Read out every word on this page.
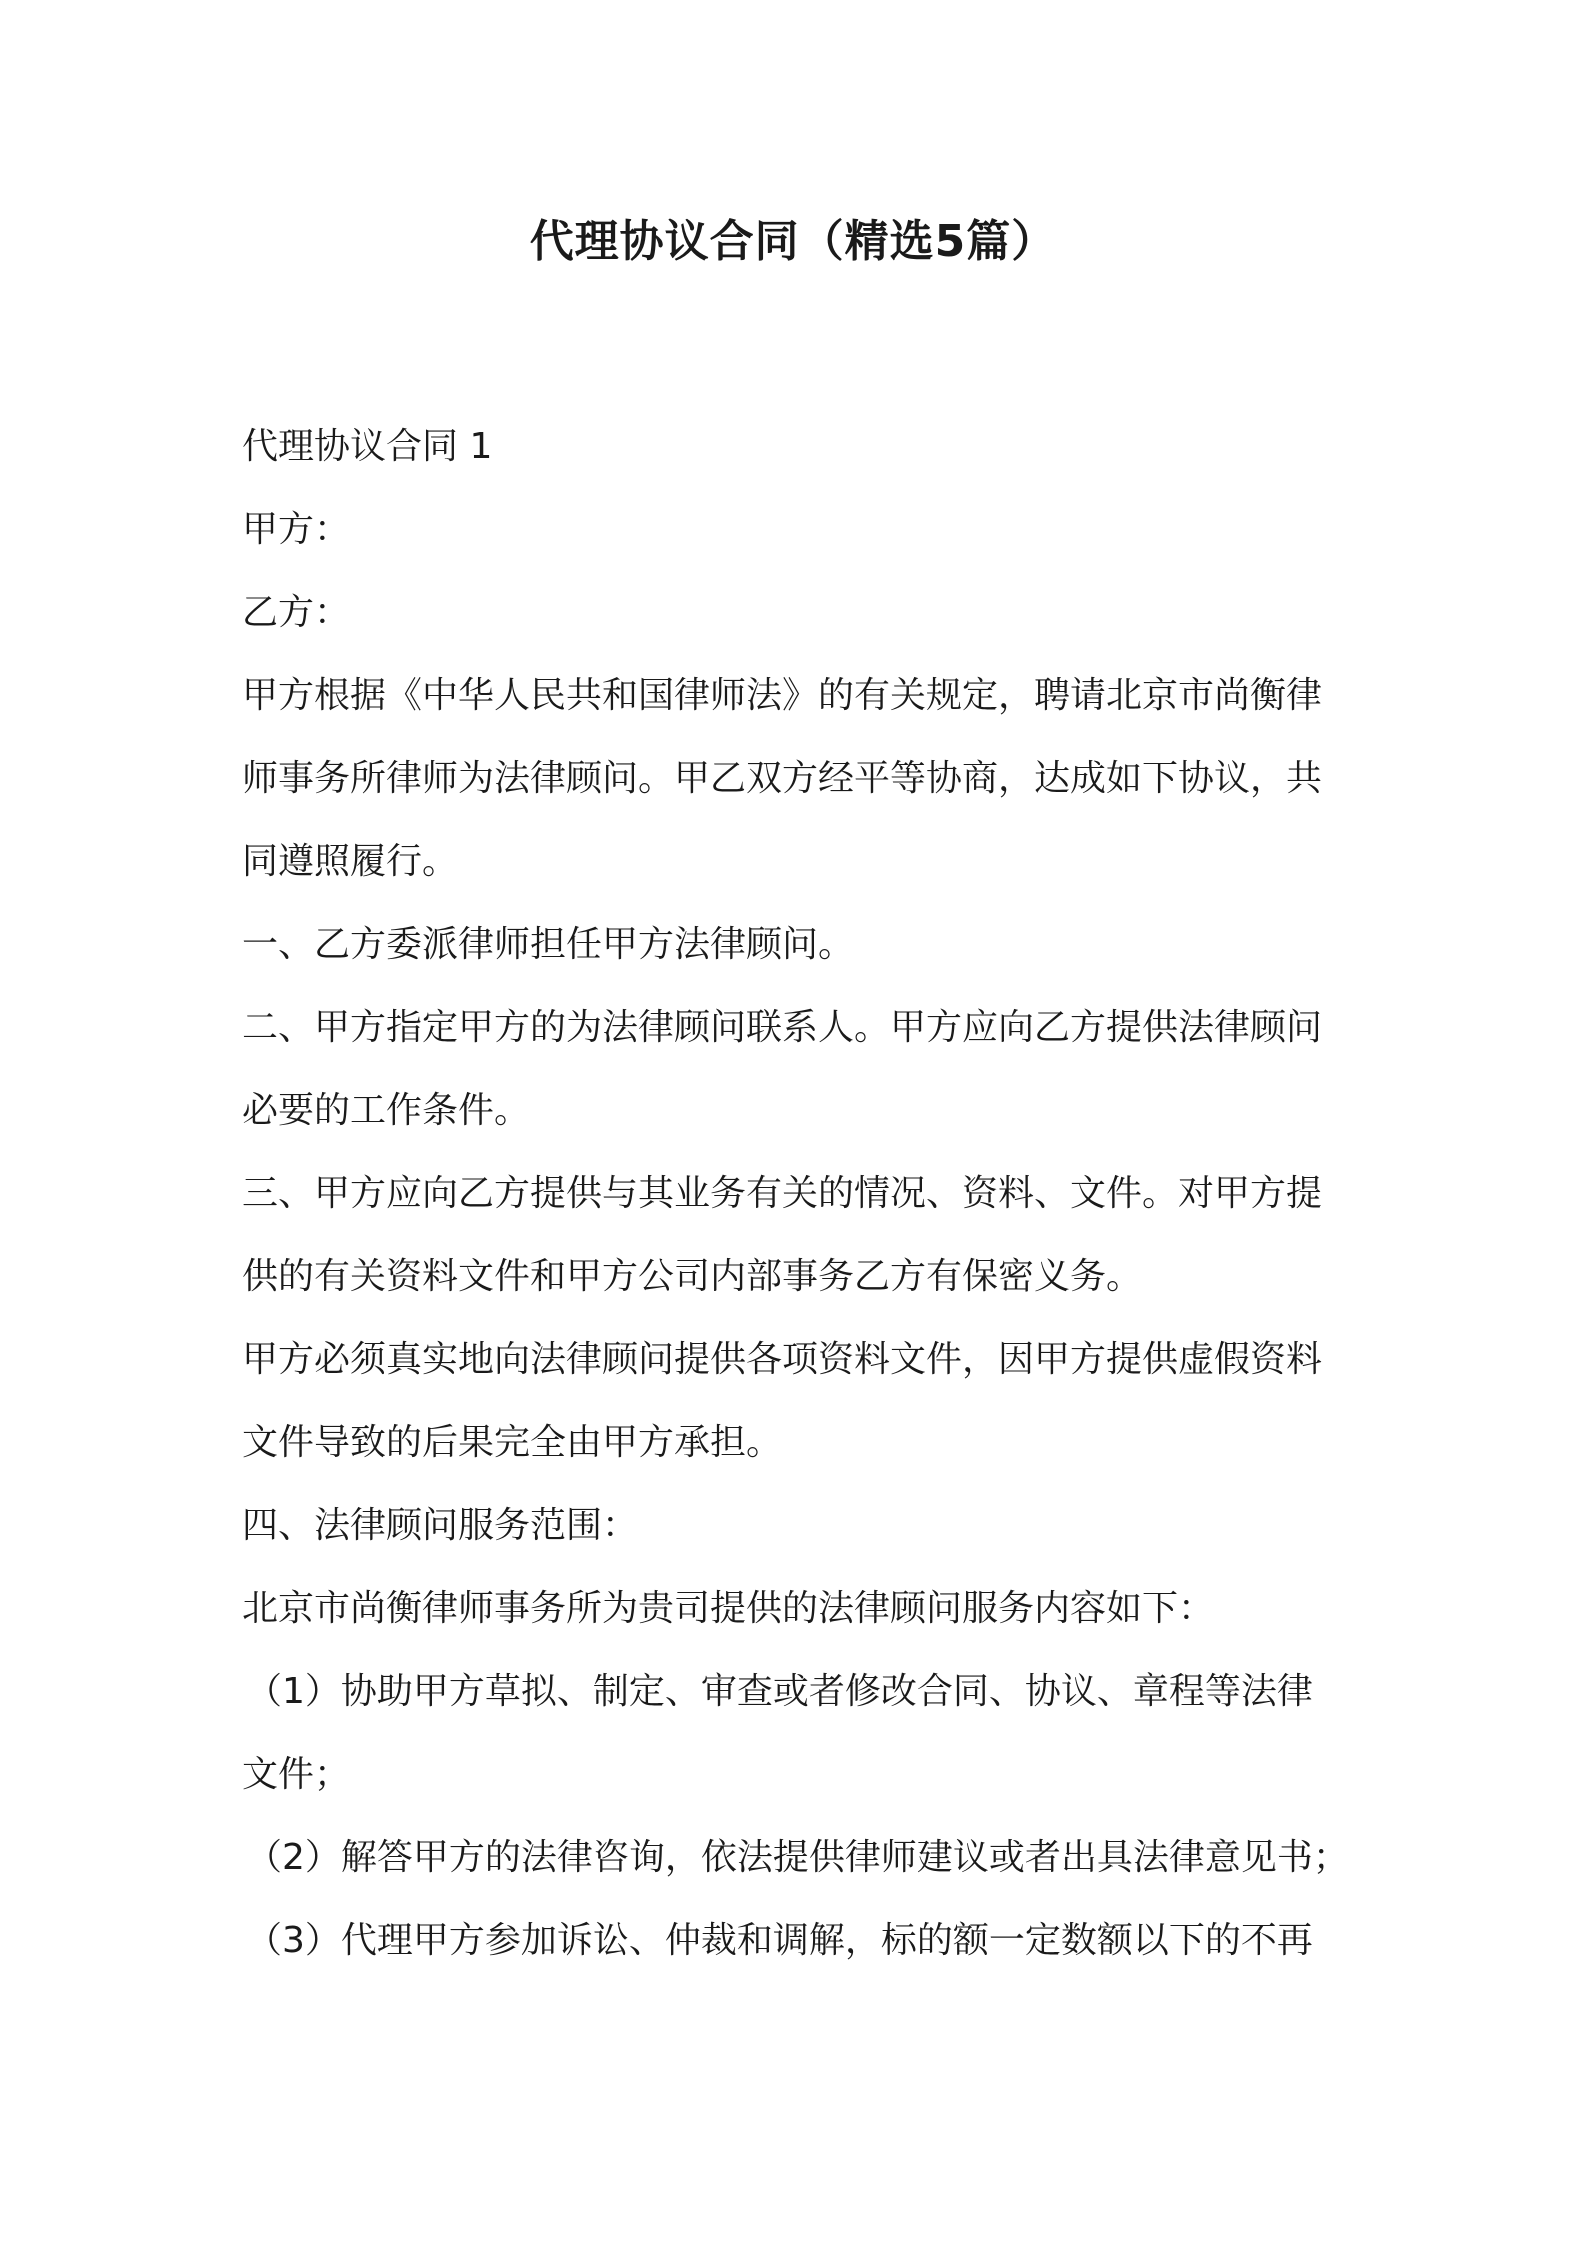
代理协议合同（精选5篇）

代理协议合同 1

甲方：

乙方：

甲方根据《中华人民共和国律师法》的有关规定，聘请北京市尚衡律

师事务所律师为法律顾问。甲乙双方经平等协商，达成如下协议，共

同遵照履行。

一、乙方委派律师担任甲方法律顾问。

二、甲方指定甲方的为法律顾问联系人。甲方应向乙方提供法律顾问

必要的工作条件。

三、甲方应向乙方提供与其业务有关的情况、资料、文件。对甲方提

供的有关资料文件和甲方公司内部事务乙方有保密义务。

甲方必须真实地向法律顾问提供各项资料文件，因甲方提供虚假资料

文件导致的后果完全由甲方承担。

四、法律顾问服务范围：

北京市尚衡律师事务所为贵司提供的法律顾问服务内容如下：

（1）协助甲方草拟、制定、审查或者修改合同、协议、章程等法律

文件；

（2）解答甲方的法律咨询，依法提供律师建议或者出具法律意见书；

（3）代理甲方参加诉讼、仲裁和调解，标的额一定数额以下的不再
